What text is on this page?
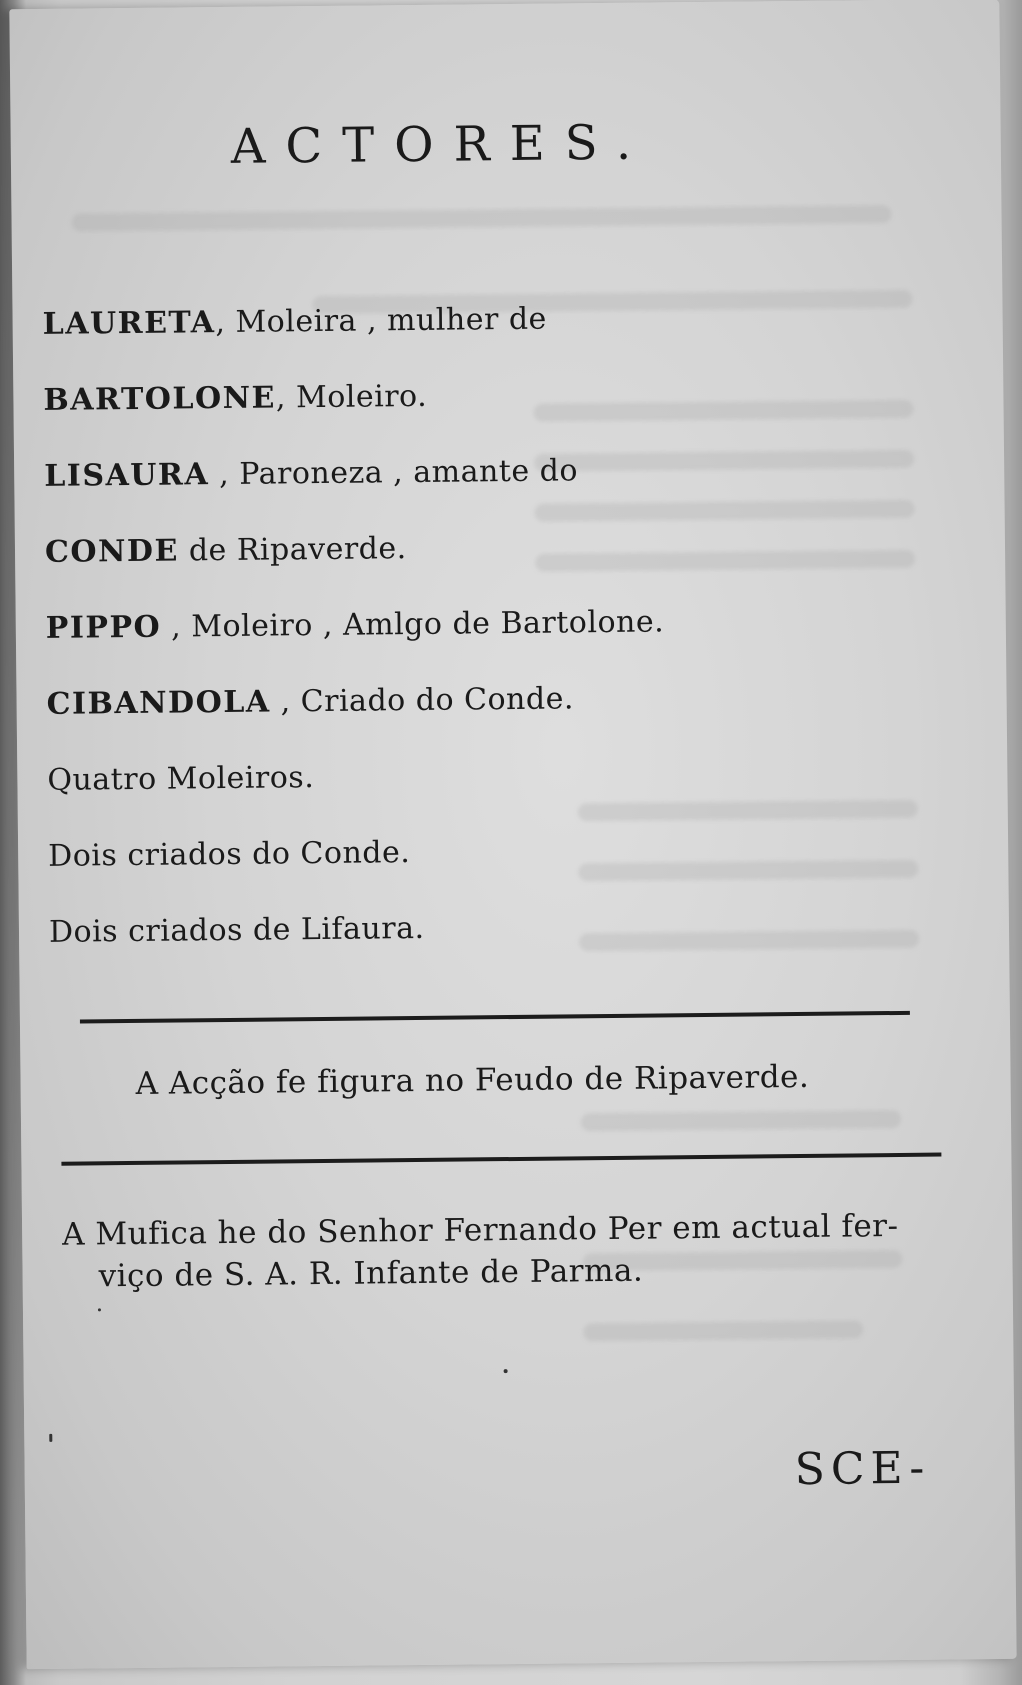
ACTORES.
LAURETA, Moleira , mulher de
BARTOLONE, Moleiro.
LISAURA , Paroneza , amante do
CONDE de Ripaverde.
PIPPO , Moleiro , Amlgo de Bartolone.
CIBANDOLA , Criado do Conde.
Quatro Moleiros.
Dois criados do Conde.
Dois criados de Lifaura.
A Acção fe figura no Feudo de Ripaverde.
A Mufica he do Senhor Fernando Per em actual fer-
viço de S. A. R. Infante de Parma.
SCE-
